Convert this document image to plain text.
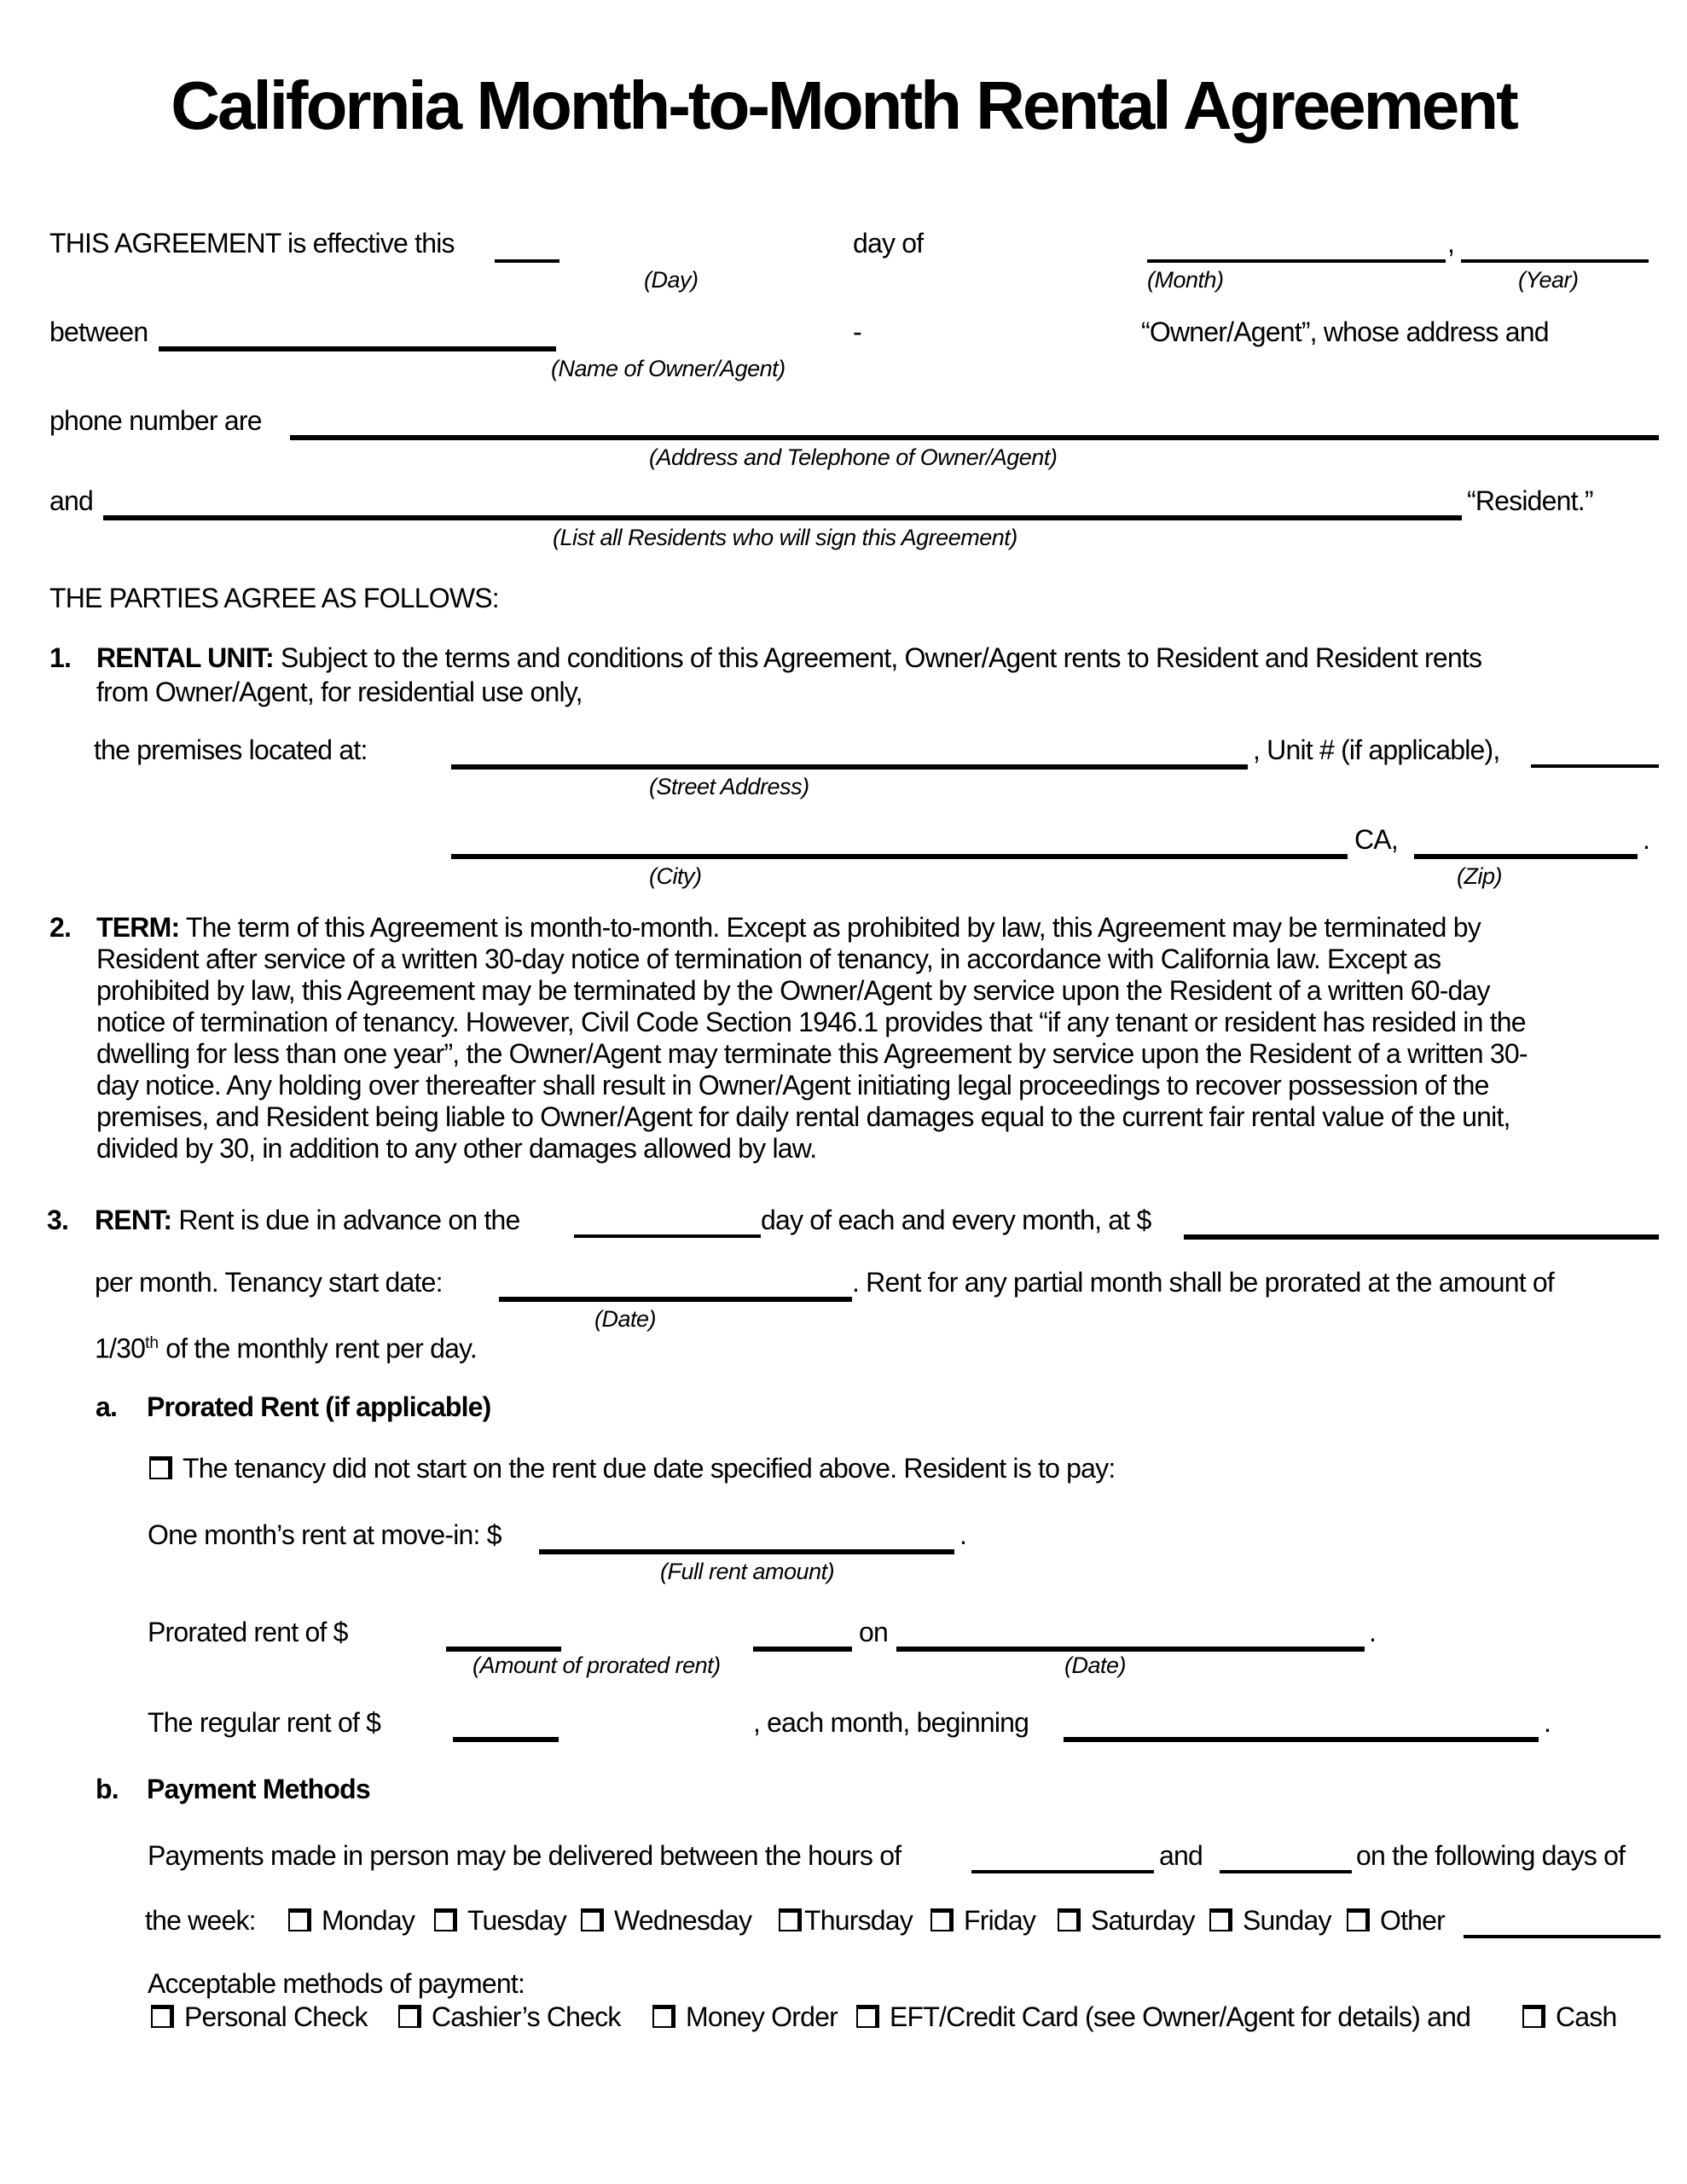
California Month-to-Month Rental Agreement
THIS AGREEMENT is effective this	day of	,
(Day)	(Month)	(Year)
between	-	“Owner/Agent”, whose address and
(Name of Owner/Agent)
phone number are
(Address and Telephone of Owner/Agent)
and	“Resident.”
(List all Residents who will sign this Agreement)
THE PARTIES AGREE AS FOLLOWS:
1. RENTAL UNIT: Subject to the terms and conditions of this Agreement, Owner/Agent rents to Resident and Resident rents
from Owner/Agent, for residential use only,
the premises located at:	, Unit # (if applicable),
(Street Address)
CA,	.
(City)	(Zip)
2. TERM: The term of this Agreement is month-to-month. Except as prohibited by law, this Agreement may be terminated by
Resident after service of a written 30-day notice of termination of tenancy, in accordance with California law. Except as
prohibited by law, this Agreement may be terminated by the Owner/Agent by service upon the Resident of a written 60-day
notice of termination of tenancy. However, Civil Code Section 1946.1 provides that “if any tenant or resident has resided in the
dwelling for less than one year”, the Owner/Agent may terminate this Agreement by service upon the Resident of a written 30-
day notice. Any holding over thereafter shall result in Owner/Agent initiating legal proceedings to recover possession of the
premises, and Resident being liable to Owner/Agent for daily rental damages equal to the current fair rental value of the unit,
divided by 30, in addition to any other damages allowed by law.
3. RENT: Rent is due in advance on the	day of each and every month, at $
per month. Tenancy start date:	. Rent for any partial month shall be prorated at the amount of
(Date)
1/30th of the monthly rent per day.
a. Prorated Rent (if applicable)
The tenancy did not start on the rent due date specified above. Resident is to pay:
One month’s rent at move-in: $	.
(Full rent amount)
Prorated rent of $	on	.
(Amount of prorated rent)	(Date)
The regular rent of $	, each month, beginning	.
b. Payment Methods
Payments made in person may be delivered between the hours of	and	on the following days of
the week:	Monday	Tuesday	Wednesday	Thursday	Friday	Saturday	Sunday	Other
Acceptable methods of payment:
Personal Check	Cashier’s Check	Money Order	EFT/Credit Card (see Owner/Agent for details) and	Cash
